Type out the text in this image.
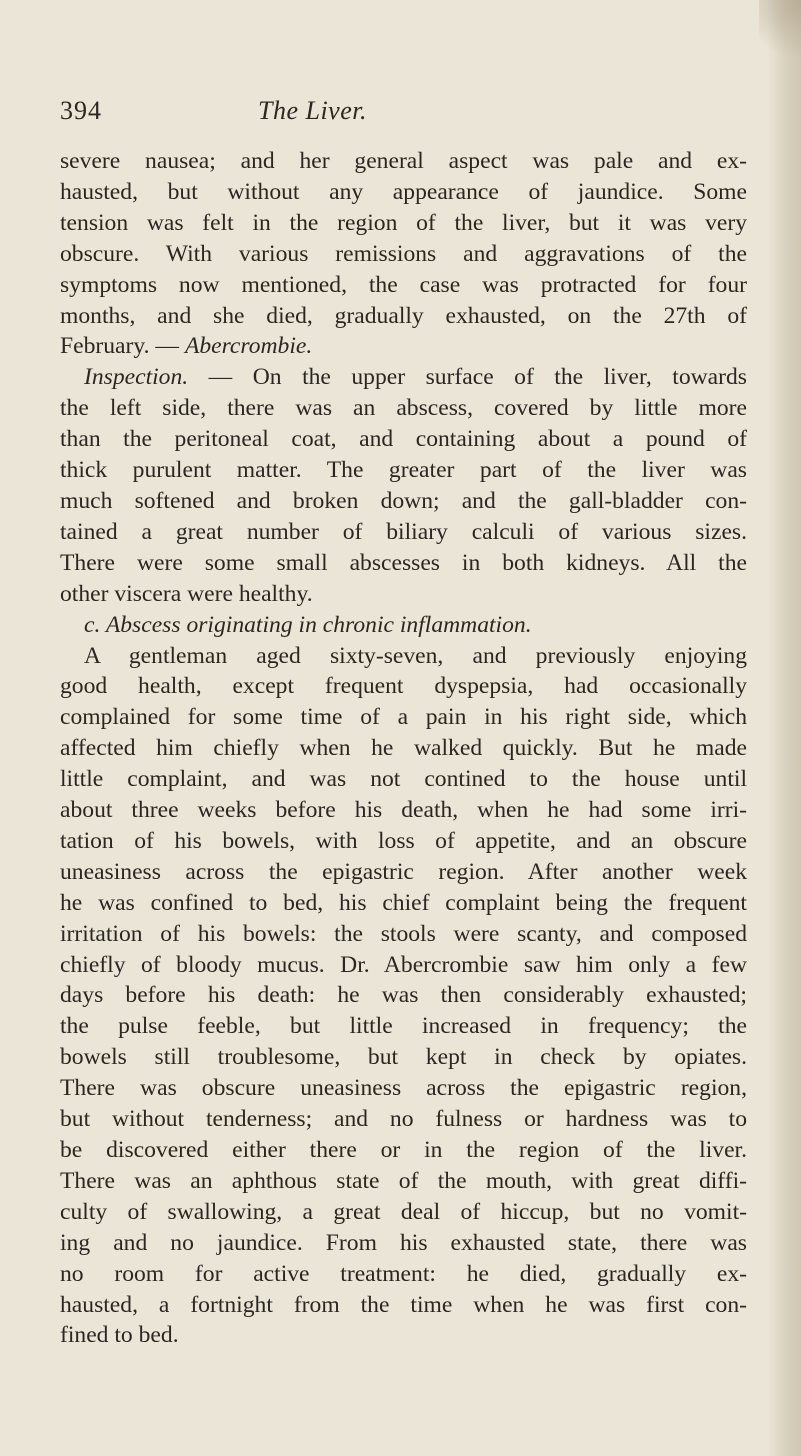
394	The Liver.

severe nausea; and her general aspect was pale and ex-
hausted, but without any appearance of jaundice. Some
tension was felt in the region of the liver, but it was very
obscure. With various remissions and aggravations of the
symptoms now mentioned, the case was protracted for four
months, and she died, gradually exhausted, on the 27th of
February. — Abercrombie.

Inspection. — On the upper surface of the liver, towards
the left side, there was an abscess, covered by little more
than the peritoneal coat, and containing about a pound of
thick purulent matter. The greater part of the liver was
much softened and broken down; and the gall-bladder con-
tained a great number of biliary calculi of various sizes.
There were some small abscesses in both kidneys. All the
other viscera were healthy.

c. Abscess originating in chronic inflammation.

A gentleman aged sixty-seven, and previously enjoying
good health, except frequent dyspepsia, had occasionally
complained for some time of a pain in his right side, which
affected him chiefly when he walked quickly. But he made
little complaint, and was not contined to the house until
about three weeks before his death, when he had some irri-
tation of his bowels, with loss of appetite, and an obscure
uneasiness across the epigastric region. After another week
he was confined to bed, his chief complaint being the frequent
irritation of his bowels: the stools were scanty, and composed
chiefly of bloody mucus. Dr. Abercrombie saw him only a few
days before his death: he was then considerably exhausted;
the pulse feeble, but little increased in frequency; the
bowels still troublesome, but kept in check by opiates.
There was obscure uneasiness across the epigastric region,
but without tenderness; and no fulness or hardness was to
be discovered either there or in the region of the liver.
There was an aphthous state of the mouth, with great diffi-
culty of swallowing, a great deal of hiccup, but no vomit-
ing and no jaundice. From his exhausted state, there was
no room for active treatment: he died, gradually ex-
hausted, a fortnight from the time when he was first con-
fined to bed.
